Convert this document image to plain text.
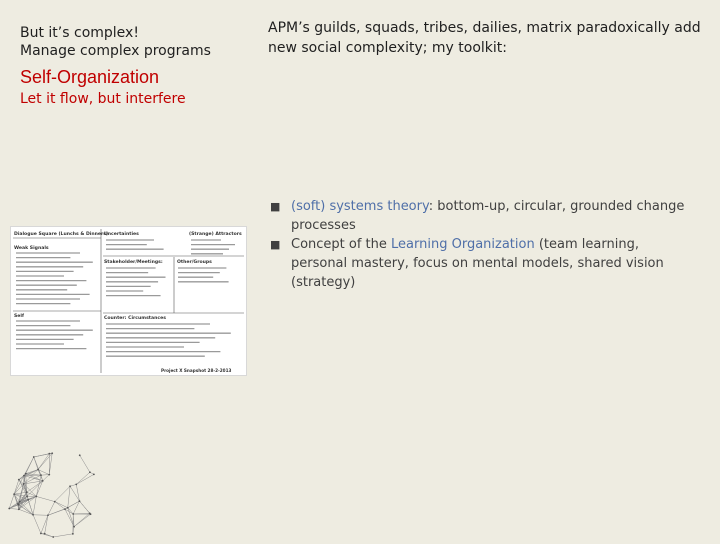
But it’s complex!
Manage complex programs
Self-Organization
Let it flow, but interfere
APM’s guilds, squads, tribes, dailies, matrix paradoxically add new social complexity; my toolkit:
■ (soft) systems theory: bottom-up, circular, grounded change processes
■ Concept of the Learning Organization (team learning, personal mastery, focus on mental models, shared vision (strategy)
Dialogue Square (Lunchs & Dinners)
Uncertainties	(Strange) Attractors
Weak Signals
Stakeholder/Meetings:	Other/Groups
Self	Counter: Circumstances
Project X Snapshot 28-2-2013
